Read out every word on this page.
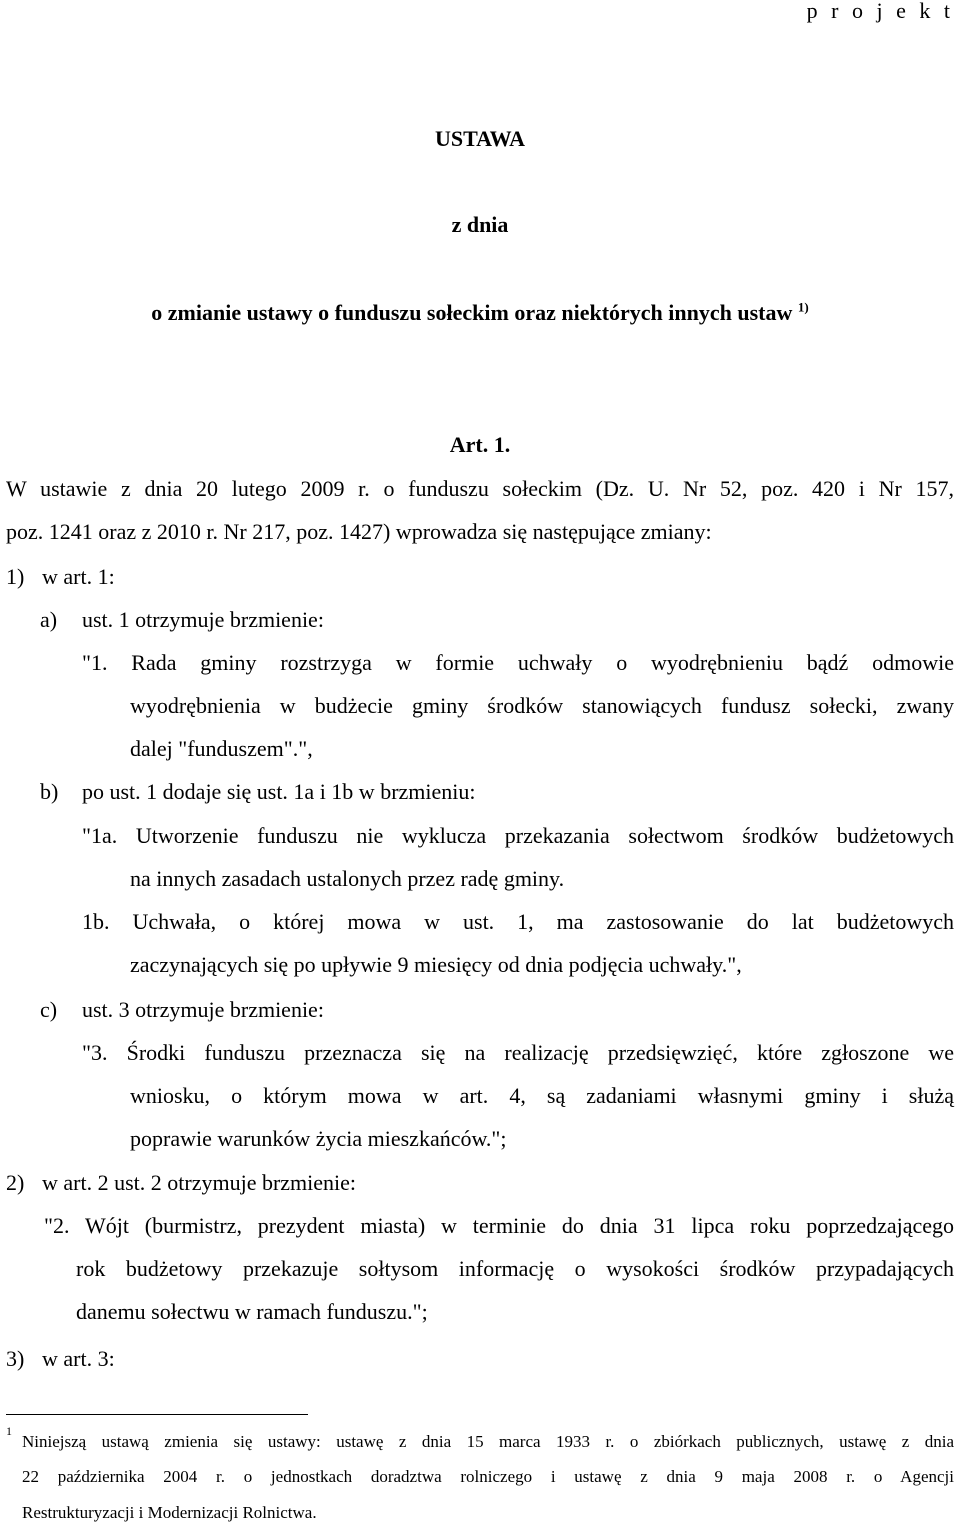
p r o j e k t
USTAWA
z dnia
o zmianie ustawy o funduszu sołeckim oraz niektórych innych ustaw $^{1)}$
Art. 1.
W ustawie z dnia 20 lutego 2009 r. o funduszu sołeckim (Dz. U. Nr 52, poz. 420 i Nr 157,
poz. 1241 oraz z 2010 r. Nr 217, poz. 1427) wprowadza się następujące zmiany:
1) w art. 1:
a) ust. 1 otrzymuje brzmienie:
"1. Rada gminy rozstrzyga w formie uchwały o wyodrębnieniu bądź odmowie
wyodrębnienia w budżecie gminy środków stanowiących fundusz sołecki, zwany
dalej "funduszem".",
b) po ust. 1 dodaje się ust. 1a i 1b w brzmieniu:
"1a. Utworzenie funduszu nie wyklucza przekazania sołectwom środków budżetowych
na innych zasadach ustalonych przez radę gminy.
1b. Uchwała, o której mowa w ust. 1, ma zastosowanie do lat budżetowych
zaczynających się po upływie 9 miesięcy od dnia podjęcia uchwały.",
c) ust. 3 otrzymuje brzmienie:
"3. Środki funduszu przeznacza się na realizację przedsięwzięć, które zgłoszone we
wniosku, o którym mowa w art. 4, są zadaniami własnymi gminy i służą
poprawie warunków życia mieszkańców.";
2) w art. 2 ust. 2 otrzymuje brzmienie:
"2. Wójt (burmistrz, prezydent miasta) w terminie do dnia 31 lipca roku poprzedzającego
rok budżetowy przekazuje sołtysom informację o wysokości środków przypadających
danemu sołectwu w ramach funduszu.";
3) w art. 3:
1
Niniejszą ustawą zmienia się ustawy: ustawę z dnia 15 marca 1933 r. o zbiórkach publicznych, ustawę z dnia
22 października 2004 r. o jednostkach doradztwa rolniczego i ustawę z dnia 9 maja 2008 r. o Agencji
Restrukturyzacji i Modernizacji Rolnictwa.
